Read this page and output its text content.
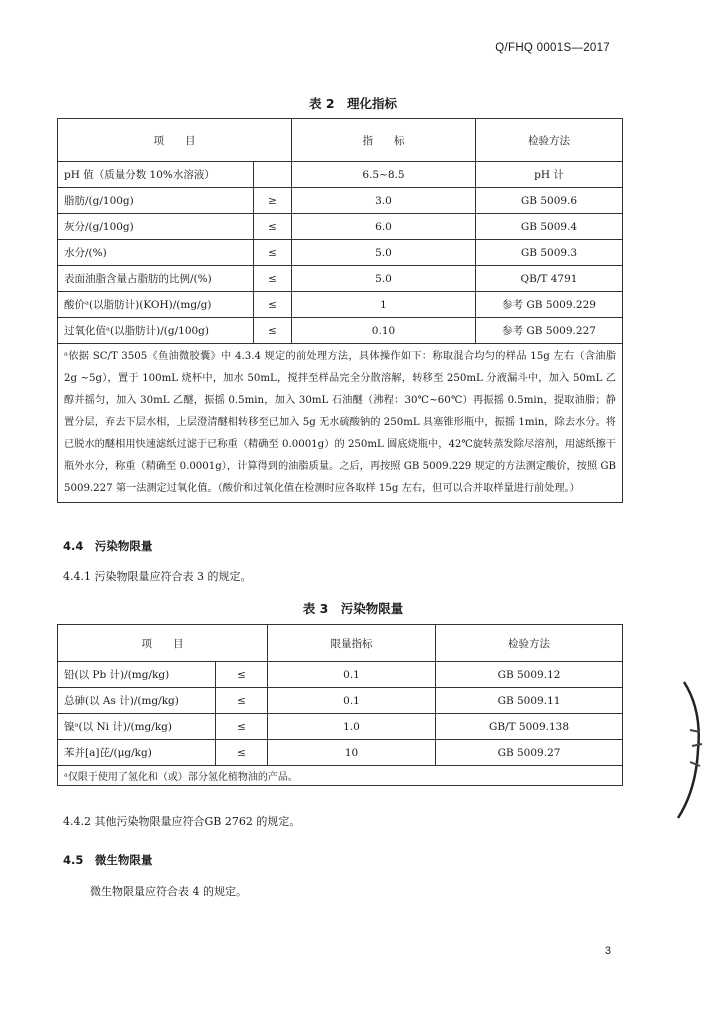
Q/FHQ 0001S—2017
表 2　理化指标
项　　目		指　　标	检验方法
pH 值（质量分数 10%水溶液）		6.5~8.5	pH 计
脂肪/(g/100g)	≥	3.0	GB 5009.6
灰分/(g/100g)	≤	6.0	GB 5009.4
水分/(%)	≤	5.0	GB 5009.3
表面油脂含量占脂肪的比例/(%)	≤	5.0	QB/T 4791
酸价ᵃ(以脂肪计)(KOH)/(mg/g)	≤	1	参考 GB 5009.229
过氧化值ᵃ(以脂肪计)/(g/100g)	≤	0.10	参考 GB 5009.227
ᵃ依据 SC/T 3505《鱼油微胶囊》中 4.3.4 规定的前处理方法，具体操作如下：称取混合均匀的样品 15g 左右（含油脂 2g ~5g），置于 100mL 烧杯中，加水 50mL，搅拌至样品完全分散溶解，转移至 250mL 分液漏斗中，加入 50mL 乙醇并摇匀，加入 30mL 乙醚，振摇 0.5min，加入 30mL 石油醚（沸程：30℃~60℃）再振摇 0.5min，提取油脂；静置分层，弃去下层水相，上层澄清醚相转移至已加入 5g 无水硫酸钠的 250mL 具塞锥形瓶中，振摇 1min，除去水分。将已脱水的醚相用快速滤纸过滤于已称重（精确至 0.0001g）的 250mL 圆底烧瓶中，42℃旋转蒸发除尽溶剂，用滤纸擦干瓶外水分，称重（精确至 0.0001g），计算得到的油脂质量。之后，再按照 GB 5009.229 规定的方法测定酸价，按照 GB 5009.227 第一法测定过氧化值。（酸价和过氧化值在检测时应各取样 15g 左右，但可以合并取样量进行前处理。）			
4.4　污染物限量
4.4.1 污染物限量应符合表 3 的规定。
表 3　污染物限量
项　　目		限量指标	检验方法
铅(以 Pb 计)/(mg/kg)	≤	0.1	GB 5009.12
总砷(以 As 计)/(mg/kg)	≤	0.1	GB 5009.11
镍ᵃ(以 Ni 计)/(mg/kg)	≤	1.0	GB/T 5009.138
苯并[a]芘/(μg/kg)	≤	10	GB 5009.27
ᵃ仅限于使用了氢化和（或）部分氢化植物油的产品。			
4.4.2 其他污染物限量应符合GB 2762 的规定。
4.5　微生物限量
微生物限量应符合表 4 的规定。
3
